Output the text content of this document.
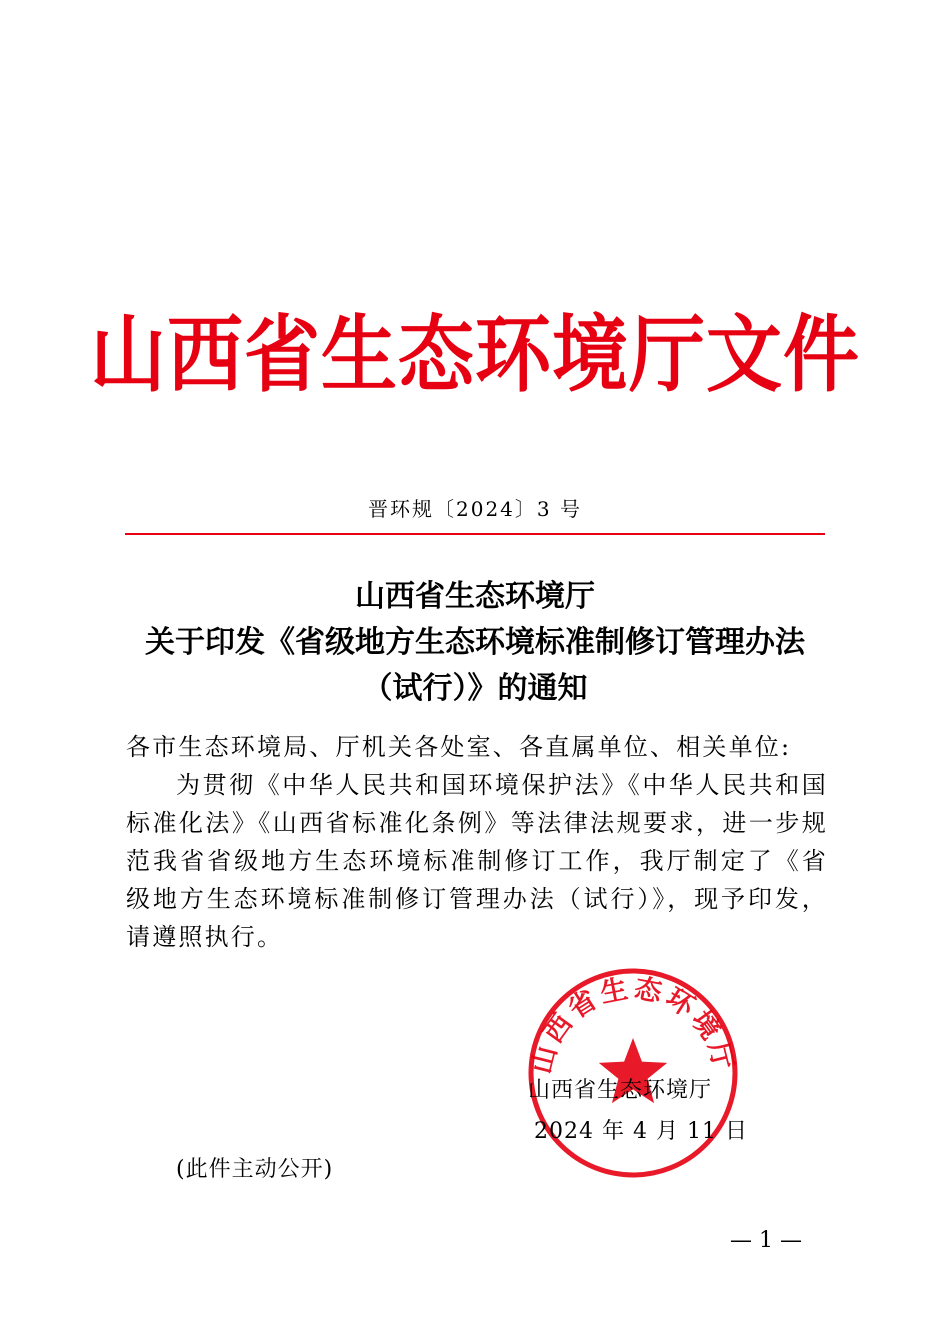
山西省生态环境厅文件
晋环规〔2024〕3 号
山西省生态环境厅
关于印发《省级地方生态环境标准制修订管理办法
（试行）》的通知
各市生态环境局、厅机关各处室、各直属单位、相关单位:
为贯彻《中华人民共和国环境保护法》《中华人民共和国标准化法》《山西省标准化条例》等法律法规要求，进一步规范我省省级地方生态环境标准制修订工作，我厅制定了《省级地方生态环境标准制修订管理办法（试行）》，现予印发，请遵照执行。
山西省生态环境厅
山西省生态环境厅
2024 年 4 月 11 日
(此件主动公开)
— 1 —
